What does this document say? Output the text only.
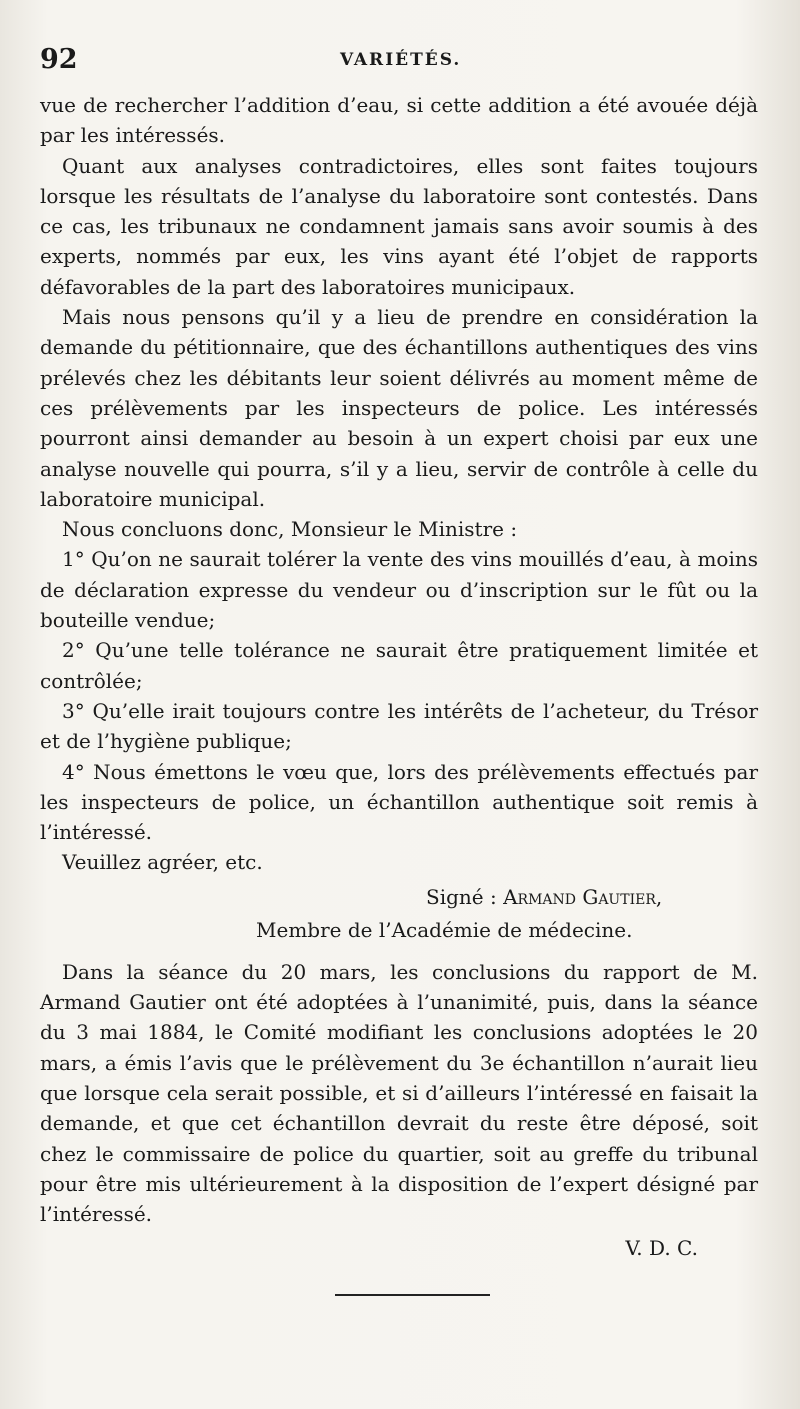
92	VARIÉTÉS.

vue de rechercher l’addition d’eau, si cette addition a été avouée déjà par les intéressés.

Quant aux analyses contradictoires, elles sont faites toujours lorsque les résultats de l’analyse du laboratoire sont contestés. Dans ce cas, les tribunaux ne condamnent jamais sans avoir soumis à des experts, nommés par eux, les vins ayant été l’objet de rapports défavorables de la part des laboratoires municipaux.

Mais nous pensons qu’il y a lieu de prendre en considération la demande du pétitionnaire, que des échantillons authentiques des vins prélevés chez les débitants leur soient délivrés au moment même de ces prélèvements par les inspecteurs de police. Les intéressés pourront ainsi demander au besoin à un expert choisi par eux une analyse nouvelle qui pourra, s’il y a lieu, servir de contrôle à celle du laboratoire municipal.

Nous concluons donc, Monsieur le Ministre :

1° Qu’on ne saurait tolérer la vente des vins mouillés d’eau, à moins de déclaration expresse du vendeur ou d’inscription sur le fût ou la bouteille vendue;

2° Qu’une telle tolérance ne saurait être pratiquement limitée et contrôlée;

3° Qu’elle irait toujours contre les intérêts de l’acheteur, du Trésor et de l’hygiène publique;

4° Nous émettons le vœu que, lors des prélèvements effectués par les inspecteurs de police, un échantillon authentique soit remis à l’intéressé.

Veuillez agréer, etc.

Signé : Armand Gautier,
Membre de l’Académie de médecine.

Dans la séance du 20 mars, les conclusions du rapport de M. Armand Gautier ont été adoptées à l’unanimité, puis, dans la séance du 3 mai 1884, le Comité modifiant les conclusions adoptées le 20 mars, a émis l’avis que le prélèvement du 3e échantillon n’aurait lieu que lorsque cela serait possible, et si d’ailleurs l’intéressé en faisait la demande, et que cet échantillon devrait du reste être déposé, soit chez le commissaire de police du quartier, soit au greffe du tribunal pour être mis ultérieurement à la disposition de l’expert désigné par l’intéressé.

V. D. C.
